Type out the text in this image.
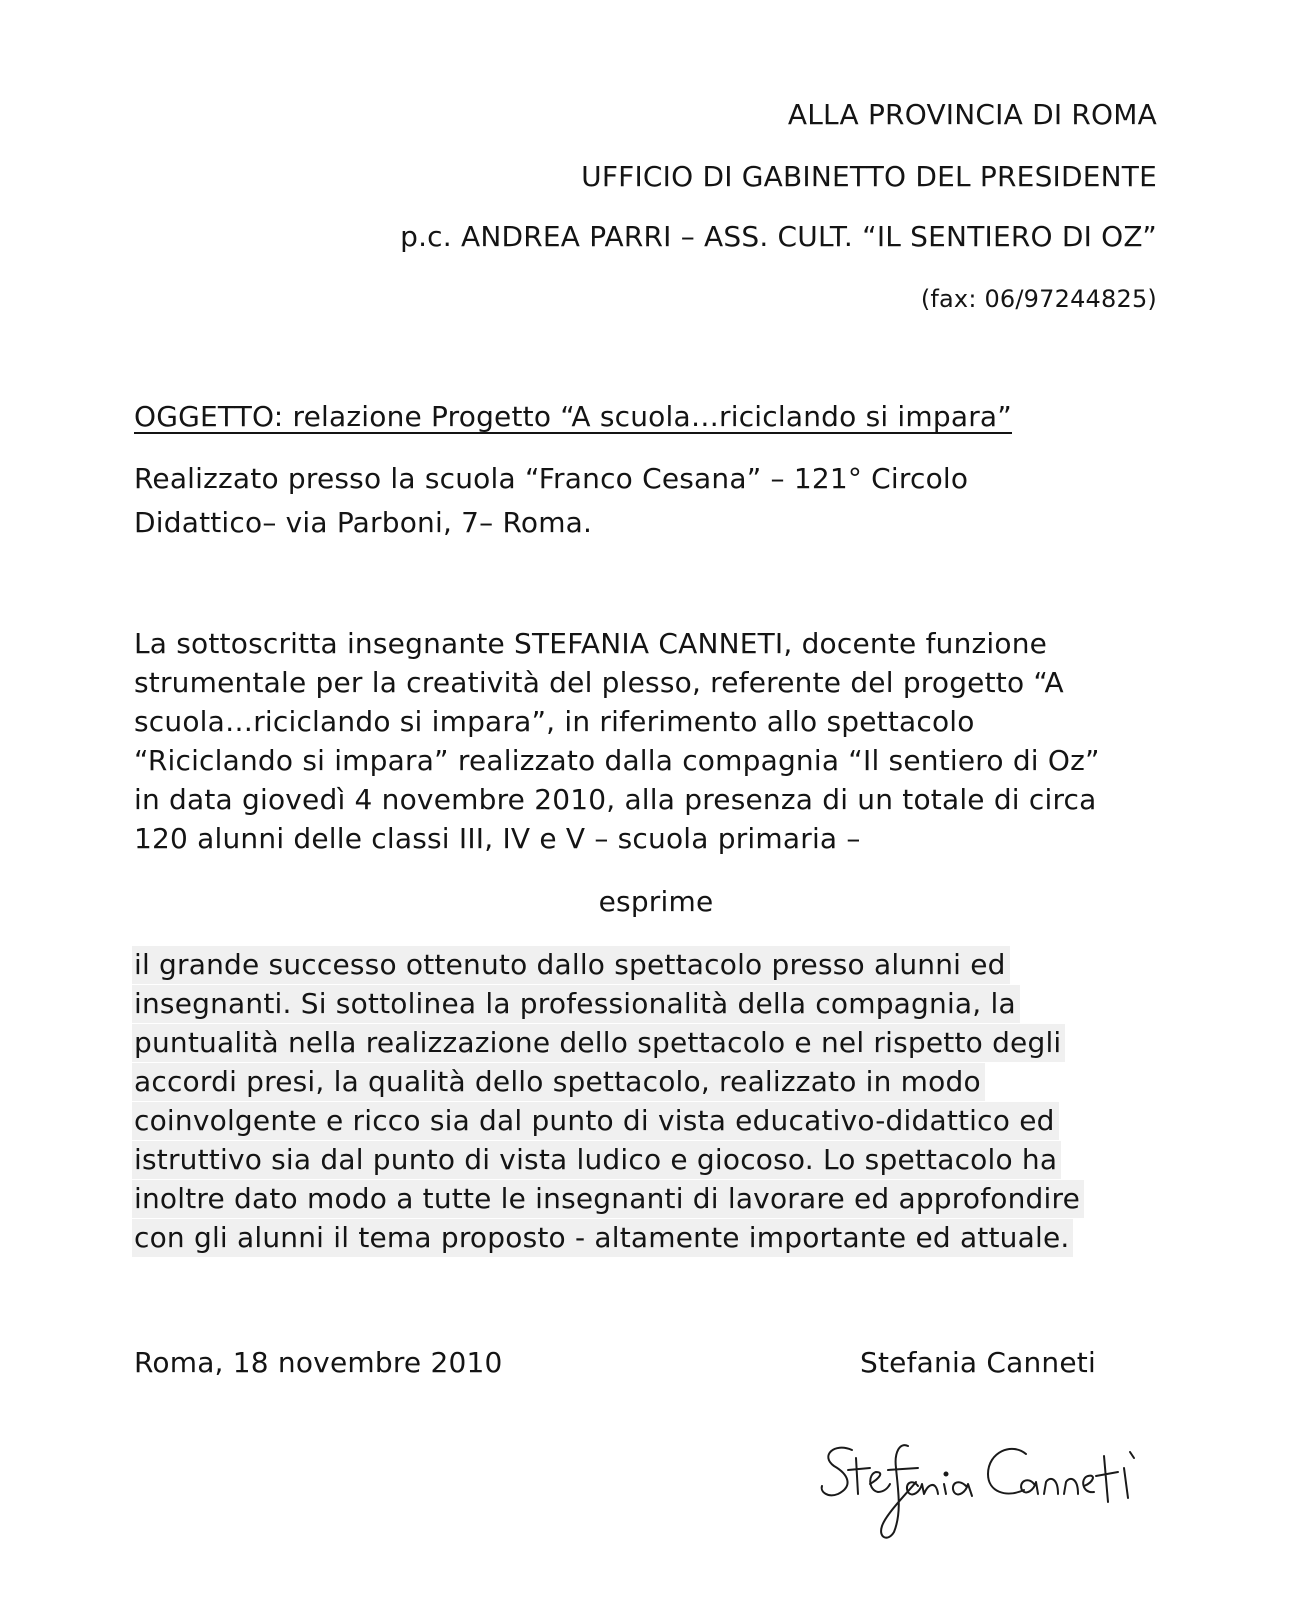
ALLA PROVINCIA DI ROMA
UFFICIO DI GABINETTO DEL PRESIDENTE
p.c. ANDREA PARRI – ASS. CULT. “IL SENTIERO DI OZ”
(fax: 06/97244825)
OGGETTO: relazione Progetto “A scuola…riciclando si impara”
Realizzato presso la scuola “Franco Cesana” – 121° Circolo
Didattico– via Parboni, 7– Roma.
La sottoscritta insegnante STEFANIA CANNETI, docente funzione
strumentale per la creatività del plesso, referente del progetto “A
scuola…riciclando si impara”, in riferimento allo spettacolo
“Riciclando si impara” realizzato dalla compagnia “Il sentiero di Oz”
in data giovedì 4 novembre 2010, alla presenza di un totale di circa
120 alunni delle classi III, IV e V – scuola primaria –
esprime
il grande successo ottenuto dallo spettacolo presso alunni ed
insegnanti. Si sottolinea la professionalità della compagnia, la
puntualità nella realizzazione dello spettacolo e nel rispetto degli
accordi presi, la qualità dello spettacolo, realizzato in modo
coinvolgente e ricco sia dal punto di vista educativo-didattico ed
istruttivo sia dal punto di vista ludico e giocoso. Lo spettacolo ha
inoltre dato modo a tutte le insegnanti di lavorare ed approfondire
con gli alunni il tema proposto - altamente importante ed attuale.
Roma, 18 novembre 2010	Stefania Canneti
